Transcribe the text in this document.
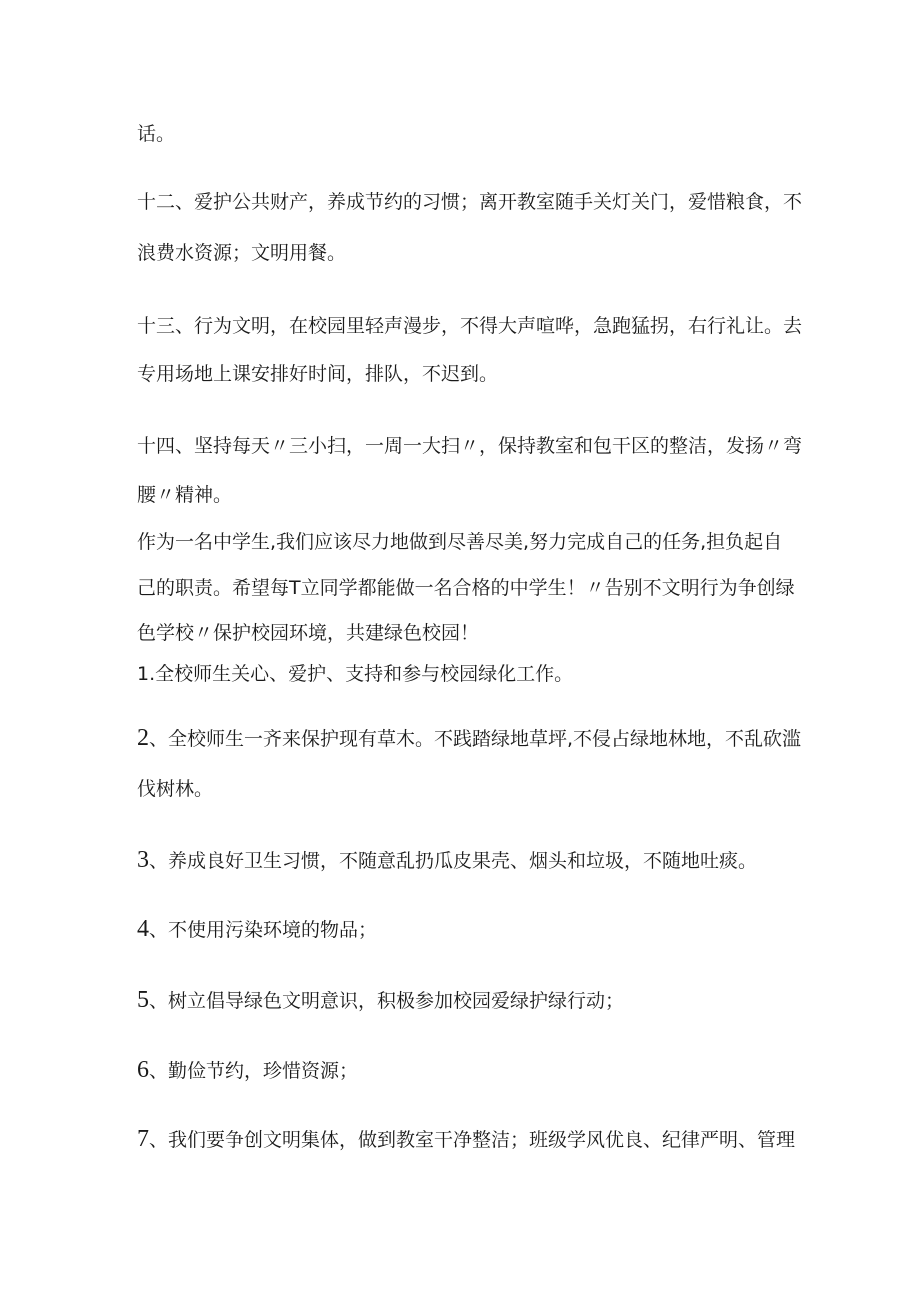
话。
十二、爱护公共财产，养成节约的习惯；离开教室随手关灯关门，爱惜粮食，不
浪费水资源；文明用餐。
十三、行为文明，在校园里轻声漫步，不得大声喧哗，急跑猛拐，右行礼让。去
专用场地上课安排好时间，排队，不迟到。
十四、坚持每天〃三小扫，一周一大扫〃，保持教室和包干区的整洁，发扬〃弯
腰〃精神。
作为一名中学生,我们应该尽力地做到尽善尽美,努力完成自己的任务,担负起自
己的职责。希望每T立同学都能做一名合格的中学生！〃告别不文明行为争创绿
色学校〃保护校园环境，共建绿色校园！
1.全校师生关心、爱护、支持和参与校园绿化工作。
2、全校师生一齐来保护现有草木。不践踏绿地草坪,不侵占绿地林地，不乱砍滥
伐树林。
3、养成良好卫生习惯，不随意乱扔瓜皮果壳、烟头和垃圾，不随地吐痰。
4、不使用污染环境的物品；
5、树立倡导绿色文明意识，积极参加校园爱绿护绿行动；
6、勤俭节约，珍惜资源；
7、我们要争创文明集体，做到教室干净整洁；班级学风优良、纪律严明、管理
